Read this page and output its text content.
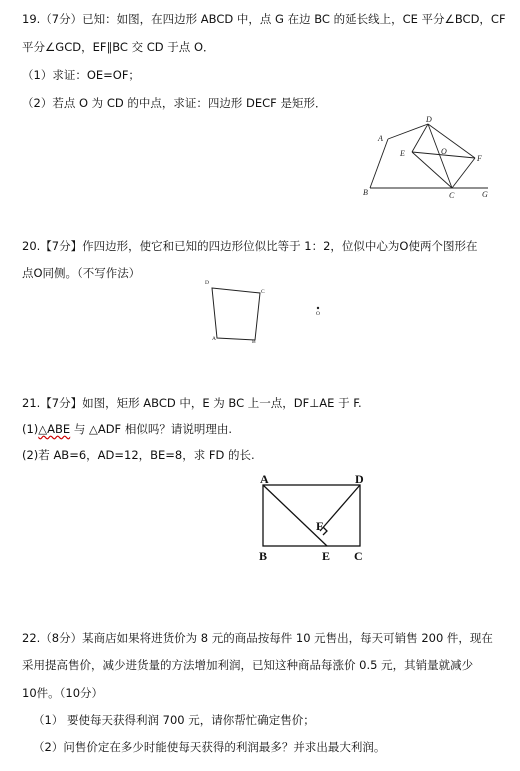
19.（7分）已知：如图，在四边形 ABCD 中，点 G 在边 BC 的延长线上，CE 平分∠BCD，CF
平分∠GCD，EF∥BC 交 CD 于点 O．
（1）求证：OE=OF；
（2）若点 O 为 CD 的中点，求证：四边形 DECF 是矩形．
A
B	C
D
E
F
G
O
20.【7分】作四边形，使它和已知的四边形位似比等于 1：2，位似中心为O使两个图形在
点O同侧。（不写作法）
D
C
A	B
O
21.【7分】如图，矩形 ABCD 中，E 为 BC 上一点，DF⊥AE 于 F.
(1)△ABE 与 △ADF 相似吗？请说明理由.
(2)若 AB=6，AD=12，BE=8，求 FD 的长.
A	D
B	E C
F
22.（8分）某商店如果将进货价为 8 元的商品按每件 10 元售出，每天可销售 200 件，现在
采用提高售价，减少进货量的方法增加利润，已知这种商品每涨价 0.5 元，其销量就减少
10件。（10分）
（1） 要使每天获得利润 700 元，请你帮忙确定售价；
（2）问售价定在多少时能使每天获得的利润最多？并求出最大利润。
